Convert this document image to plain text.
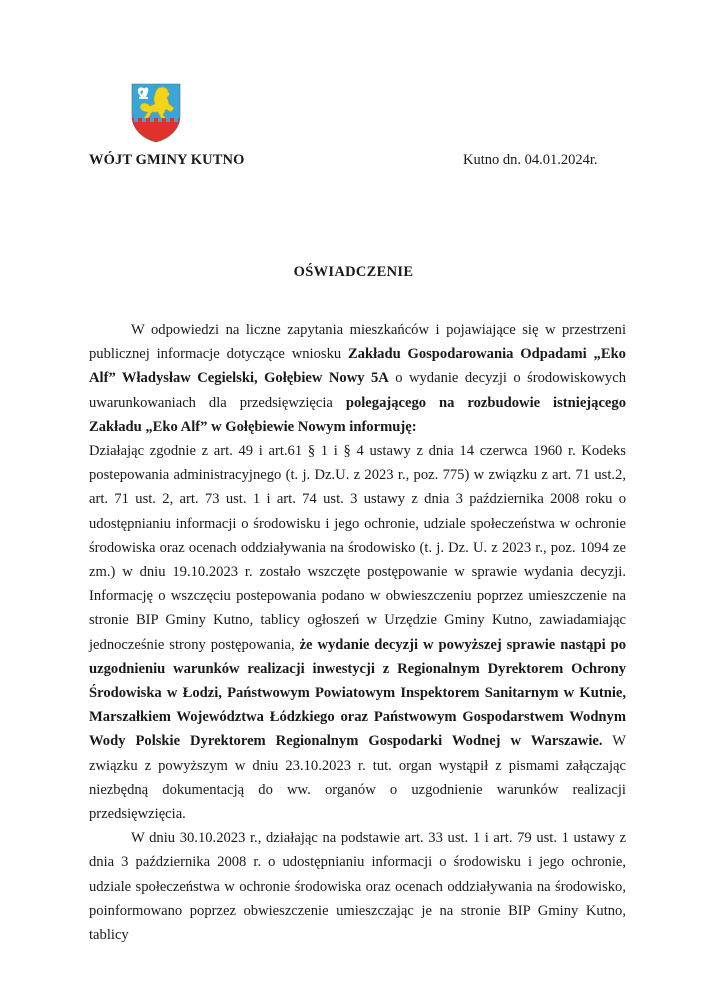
WÓJT GMINY KUTNO	Kutno dn. 04.01.2024r.
OŚWIADCZENIE

W odpowiedzi na liczne zapytania mieszkańców i pojawiające się w przestrzeni publicznej informacje dotyczące wniosku Zakładu Gospodarowania Odpadami „Eko Alf” Władysław Cegielski, Gołębiew Nowy 5A o wydanie decyzji o środowiskowych uwarunkowaniach dla przedsięwzięcia polegającego na rozbudowie istniejącego Zakładu „Eko Alf” w Gołębiewie Nowym informuję:

Działając zgodnie z art. 49 i art.61 § 1 i § 4 ustawy z dnia 14 czerwca 1960 r. Kodeks postepowania administracyjnego (t. j. Dz.U. z 2023 r., poz. 775) w związku z art. 71 ust.2, art. 71 ust. 2, art. 73 ust. 1 i art. 74 ust. 3 ustawy z dnia 3 października 2008 roku o udostępnianiu informacji o środowisku i jego ochronie, udziale społeczeństwa w ochronie środowiska oraz ocenach oddziaływania na środowisko (t. j. Dz. U. z 2023 r., poz. 1094 ze zm.) w dniu 19.10.2023 r. zostało wszczęte postępowanie w sprawie wydania decyzji. Informację o wszczęciu postepowania podano w obwieszczeniu poprzez umieszczenie na stronie BIP Gminy Kutno, tablicy ogłoszeń w Urzędzie Gminy Kutno, zawiadamiając jednocześnie strony postępowania, że wydanie decyzji w powyższej sprawie nastąpi po uzgodnieniu warunków realizacji inwestycji z Regionalnym Dyrektorem Ochrony Środowiska w Łodzi, Państwowym Powiatowym Inspektorem Sanitarnym w Kutnie, Marszałkiem Województwa Łódzkiego oraz Państwowym Gospodarstwem Wodnym Wody Polskie Dyrektorem Regionalnym Gospodarki Wodnej w Warszawie. W związku z powyższym w dniu 23.10.2023 r. tut. organ wystąpił z pismami załączając niezbędną dokumentacją do ww. organów o uzgodnienie warunków realizacji przedsięwzięcia.

W dniu 30.10.2023 r., działając na podstawie art. 33 ust. 1 i art. 79 ust. 1 ustawy z dnia 3 października 2008 r. o udostępnianiu informacji o środowisku i jego ochronie, udziale społeczeństwa w ochronie środowiska oraz ocenach oddziaływania na środowisko, poinformowano poprzez obwieszczenie umieszczając je na stronie BIP Gminy Kutno, tablicy
